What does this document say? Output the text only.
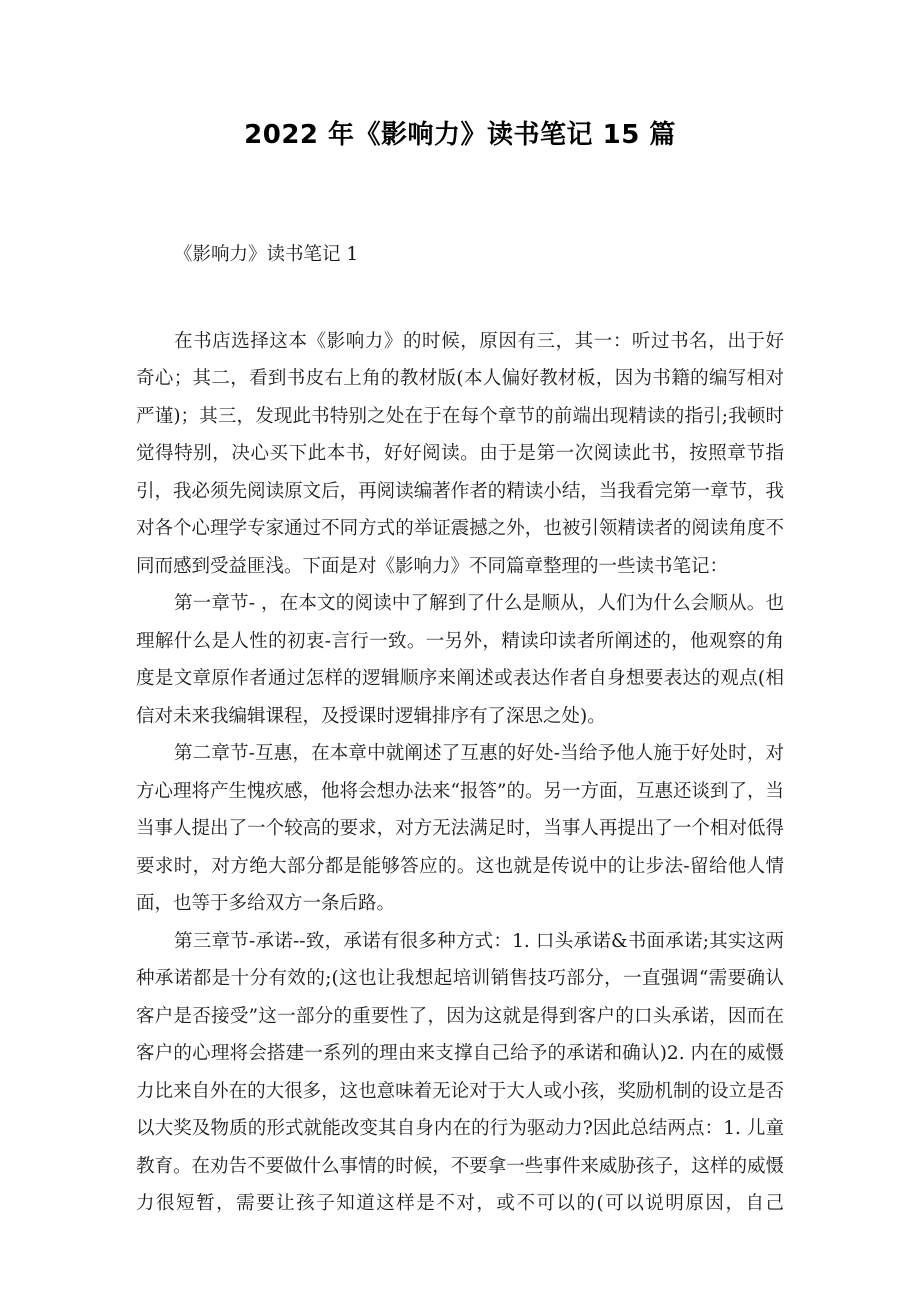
2022 年《影响力》读书笔记 15 篇

《影响力》读书笔记 1

在书店选择这本《影响力》的时候，原因有三，其一：听过书名，出于好奇心；其二，看到书皮右上角的教材版(本人偏好教材板，因为书籍的编写相对严谨)；其三，发现此书特别之处在于在每个章节的前端出现精读的指引;我顿时觉得特别，决心买下此本书，好好阅读。由于是第一次阅读此书，按照章节指引，我必须先阅读原文后，再阅读编著作者的精读小结，当我看完第一章节，我对各个心理学专家通过不同方式的举证震撼之外，也被引领精读者的阅读角度不同而感到受益匪浅。下面是对《影响力》不同篇章整理的一些读书笔记：

第一章节- ，在本文的阅读中了解到了什么是顺从，人们为什么会顺从。也理解什么是人性的初衷-言行一致。一另外，精读印读者所阐述的，他观察的角度是文章原作者通过怎样的逻辑顺序来阐述或表达作者自身想要表达的观点(相信对未来我编辑课程，及授课时逻辑排序有了深思之处)。

第二章节-互惠，在本章中就阐述了互惠的好处-当给予他人施于好处时，对方心理将产生愧疚感，他将会想办法来“报答”的。另一方面，互惠还谈到了，当当事人提出了一个较高的要求，对方无法满足时，当事人再提出了一个相对低得要求时，对方绝大部分都是能够答应的。这也就是传说中的让步法-留给他人情面，也等于多给双方一条后路。

第三章节-承诺--致，承诺有很多种方式：1. 口头承诺&书面承诺;其实这两种承诺都是十分有效的;(这也让我想起培训销售技巧部分，一直强调“需要确认客户是否接受”这一部分的重要性了，因为这就是得到客户的口头承诺，因而在客户的心理将会搭建一系列的理由来支撑自己给予的承诺和确认)2. 内在的威慑力比来自外在的大很多，这也意味着无论对于大人或小孩，奖励机制的设立是否以大奖及物质的形式就能改变其自身内在的行为驱动力?因此总结两点：1. 儿童教育。在劝告不要做什么事情的时候，不要拿一些事件来威胁孩子，这样的威慑力很短暂，需要让孩子知道这样是不对，或不可以的(可以说明原因，自己
